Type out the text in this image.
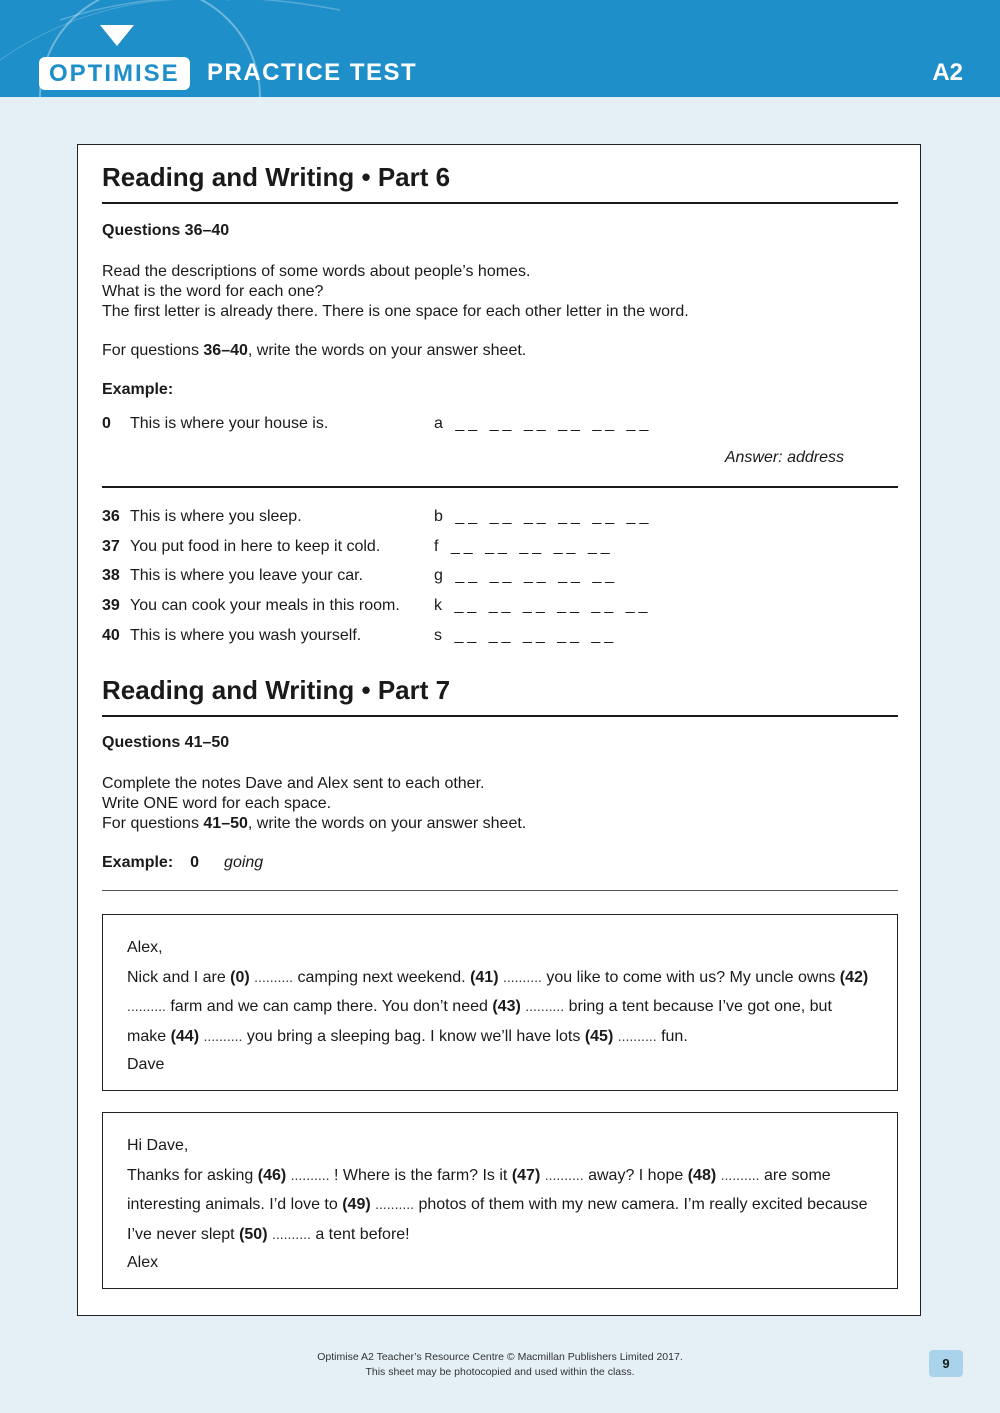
OPTIMISE PRACTICE TEST	A2
Reading and Writing • Part 6

Questions 36–40

Read the descriptions of some words about people’s homes.

What is the word for each one?

The first letter is already there. There is one space for each other letter in the word.

For questions 36–40, write the words on your answer sheet.

Example:

0 This is where your house is.	a __ __ __ __ __ __
Answer: address
36 This is where you sleep.	b __ __ __ __ __ __
37 You put food in here to keep it cold.	f __ __ __ __ __
38 This is where you leave your car.	g __ __ __ __ __
39 You can cook your meals in this room. k __ __ __ __ __ __
40 This is where you wash yourself.	s __ __ __ __ __
Reading and Writing • Part 7

Questions 41–50

Complete the notes Dave and Alex sent to each other.

Write ONE word for each space.

For questions 41–50, write the words on your answer sheet.

Example: 0 going

Alex,
Nick and I are (0) .......... camping next weekend. (41) .......... you like to come with us? My uncle owns (42) .......... farm and we can camp there. You don’t need (43) .......... bring a tent because I’ve got one, but make (44) .......... you bring a sleeping bag. I know we’ll have lots (45) .......... fun.
Dave
Hi Dave,
Thanks for asking (46) .......... ! Where is the farm? Is it (47) .......... away? I hope (48) .......... are some interesting animals. I’d love to (49) .......... photos of them with my new camera. I’m really excited because I’ve never slept (50) .......... a tent before!
Alex
Optimise A2 Teacher’s Resource Centre © Macmillan Publishers Limited 2017.
This sheet may be photocopied and used within the class.
9
